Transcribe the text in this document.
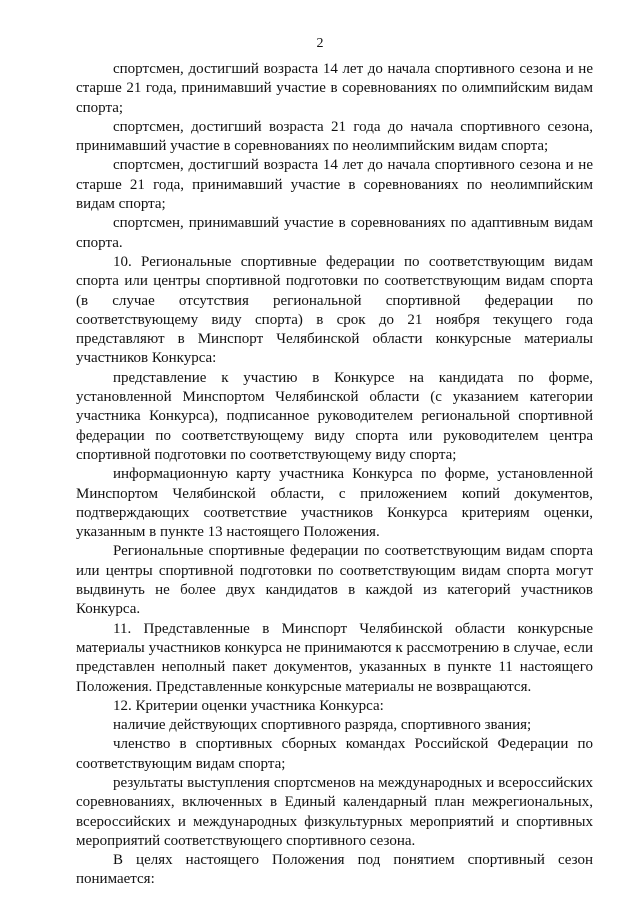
2

спортсмен, достигший возраста 14 лет до начала спортивного сезона и не старше 21 года, принимавший участие в соревнованиях по олимпийским видам спорта;

спортсмен, достигший возраста 21 года до начала спортивного сезона, принимавший участие в соревнованиях по неолимпийским видам спорта;

спортсмен, достигший возраста 14 лет до начала спортивного сезона и не старше 21 года, принимавший участие в соревнованиях по неолимпийским видам спорта;

спортсмен, принимавший участие в соревнованиях по адаптивным видам спорта.

10. Региональные спортивные федерации по соответствующим видам спорта или центры спортивной подготовки по соответствующим видам спорта (в случае отсутствия региональной спортивной федерации по соответствующему виду спорта) в срок до 21 ноября текущего года представляют в Минспорт Челябинской области конкурсные материалы участников Конкурса:

представление к участию в Конкурсе на кандидата по форме, установленной Минспортом Челябинской области (с указанием категории участника Конкурса), подписанное руководителем региональной спортивной федерации по соответствующему виду спорта или руководителем центра спортивной подготовки по соответствующему виду спорта;

информационную карту участника Конкурса по форме, установленной Минспортом Челябинской области, с приложением копий документов, подтверждающих соответствие участников Конкурса критериям оценки, указанным в пункте 13 настоящего Положения.

Региональные спортивные федерации по соответствующим видам спорта или центры спортивной подготовки по соответствующим видам спорта могут выдвинуть не более двух кандидатов в каждой из категорий участников Конкурса.

11. Представленные в Минспорт Челябинской области конкурсные материалы участников конкурса не принимаются к рассмотрению в случае, если представлен неполный пакет документов, указанных в пункте 11 настоящего Положения. Представленные конкурсные материалы не возвращаются.

12. Критерии оценки участника Конкурса:

наличие действующих спортивного разряда, спортивного звания;

членство в спортивных сборных командах Российской Федерации по соответствующим видам спорта;

результаты выступления спортсменов на международных и всероссийских соревнованиях, включенных в Единый календарный план межрегиональных, всероссийских и международных физкультурных мероприятий и спортивных мероприятий соответствующего спортивного сезона.

В целях настоящего Положения под понятием спортивный сезон понимается:
